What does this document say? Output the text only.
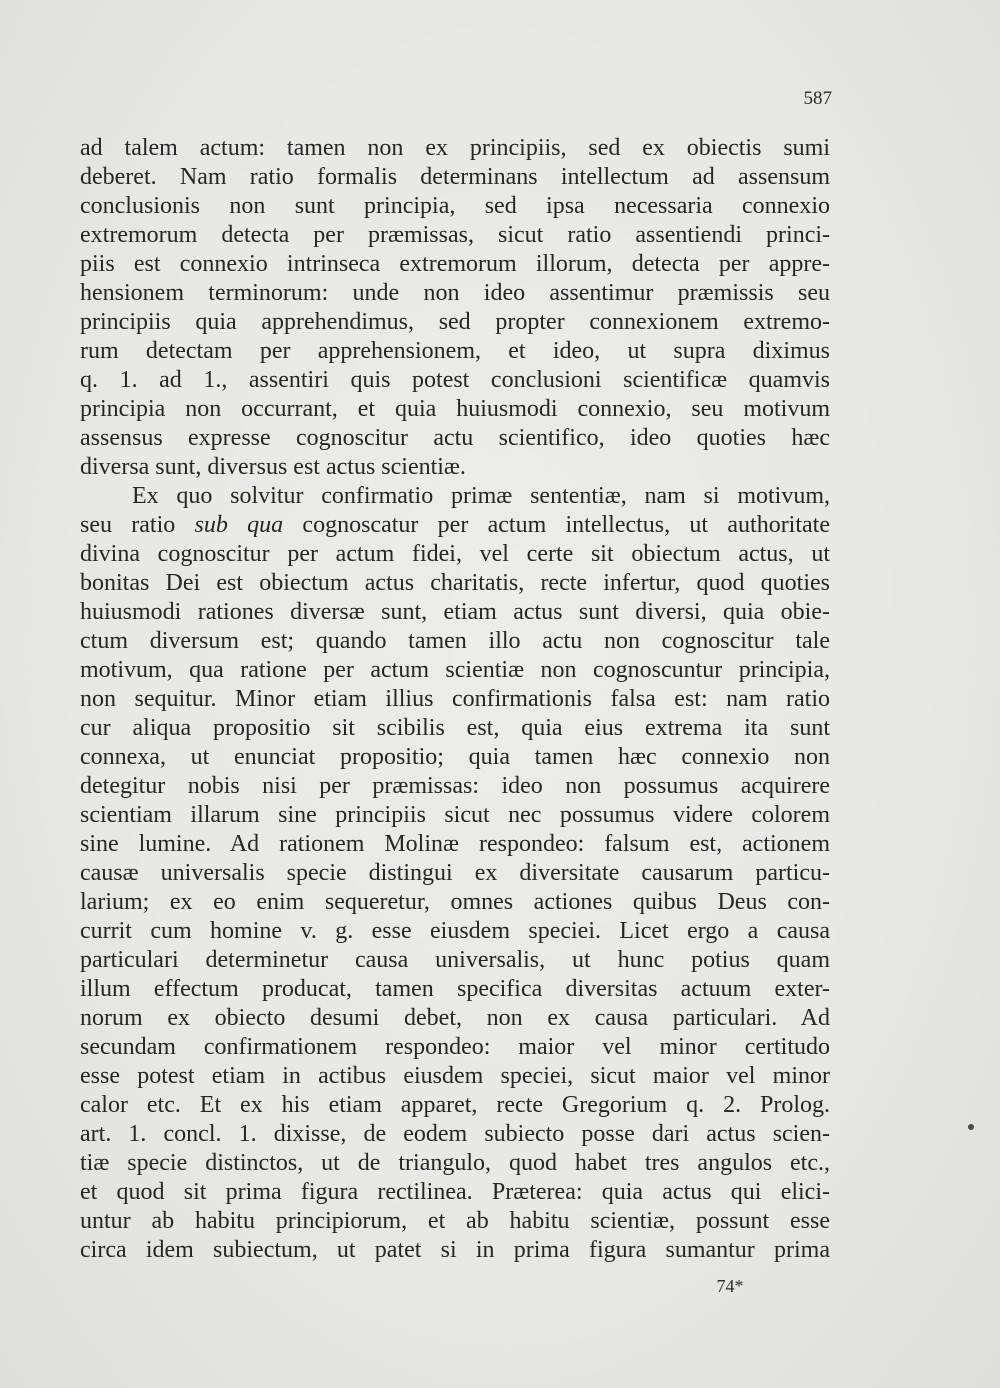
587
ad talem actum: tamen non ex principiis, sed ex obiectis sumi
deberet. Nam ratio formalis determinans intellectum ad assensum
conclusionis non sunt principia, sed ipsa necessaria connexio
extremorum detecta per præmissas, sicut ratio assentiendi princi-
piis est connexio intrinseca extremorum illorum, detecta per appre-
hensionem terminorum: unde non ideo assentimur præmissis seu
principiis quia apprehendimus, sed propter connexionem extremo-
rum detectam per apprehensionem, et ideo, ut supra diximus
q. 1. ad 1., assentiri quis potest conclusioni scientificæ quamvis
principia non occurrant, et quia huiusmodi connexio, seu motivum
assensus expresse cognoscitur actu scientifico, ideo quoties hæc
diversa sunt, diversus est actus scientiæ.
Ex quo solvitur confirmatio primæ sententiæ, nam si motivum,
seu ratio sub qua cognoscatur per actum intellectus, ut authoritate
divina cognoscitur per actum fidei, vel certe sit obiectum actus, ut
bonitas Dei est obiectum actus charitatis, recte infertur, quod quoties
huiusmodi rationes diversæ sunt, etiam actus sunt diversi, quia obie-
ctum diversum est; quando tamen illo actu non cognoscitur tale
motivum, qua ratione per actum scientiæ non cognoscuntur principia,
non sequitur. Minor etiam illius confirmationis falsa est: nam ratio
cur aliqua propositio sit scibilis est, quia eius extrema ita sunt
connexa, ut enunciat propositio; quia tamen hæc connexio non
detegitur nobis nisi per præmissas: ideo non possumus acquirere
scientiam illarum sine principiis sicut nec possumus videre colorem
sine lumine. Ad rationem Molinæ respondeo: falsum est, actionem
causæ universalis specie distingui ex diversitate causarum particu-
larium; ex eo enim sequeretur, omnes actiones quibus Deus con-
currit cum homine v. g. esse eiusdem speciei. Licet ergo a causa
particulari determinetur causa universalis, ut hunc potius quam
illum effectum producat, tamen specifica diversitas actuum exter-
norum ex obiecto desumi debet, non ex causa particulari. Ad
secundam confirmationem respondeo: maior vel minor certitudo
esse potest etiam in actibus eiusdem speciei, sicut maior vel minor
calor etc. Et ex his etiam apparet, recte Gregorium q. 2. Prolog.
art. 1. concl. 1. dixisse, de eodem subiecto posse dari actus scien-
tiæ specie distinctos, ut de triangulo, quod habet tres angulos etc.,
et quod sit prima figura rectilinea. Præterea: quia actus qui elici-
untur ab habitu principiorum, et ab habitu scientiæ, possunt esse
circa idem subiectum, ut patet si in prima figura sumantur prima
74*
